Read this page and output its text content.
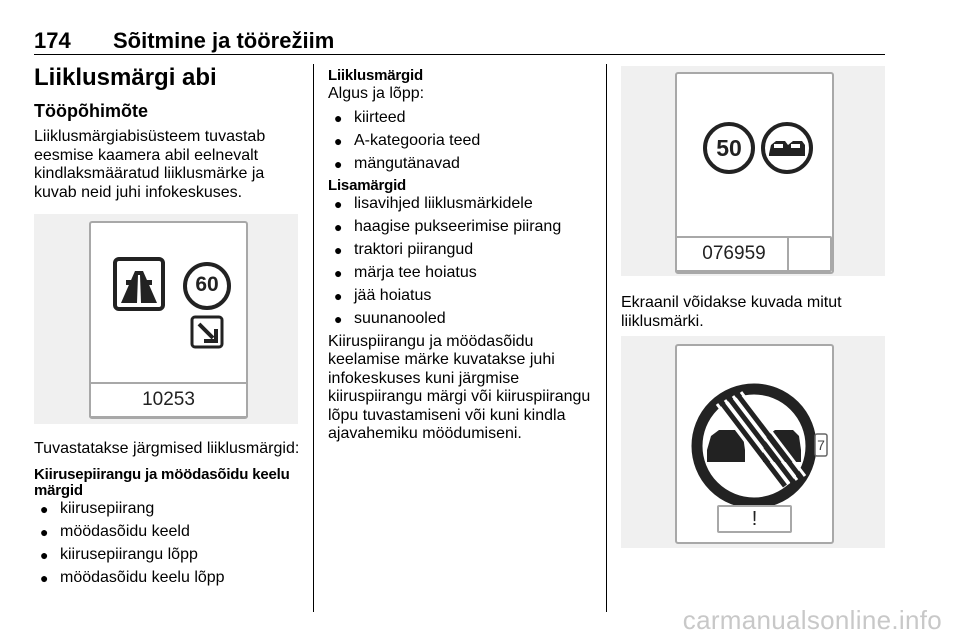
174 Sõitmine ja töörežiim
Liiklusmärgi abi
Tööpõhimõte

Liiklusmärgiabisüsteem tuvastab eesmise kaamera abil eelnevalt kindlaksmääratud liiklusmärke ja kuvab neid juhi infokeskuses.

60
10253

Tuvastatakse järgmised liiklusmärgid:

Kiirusepiirangu ja möödasõidu keelu märgid
● kiirusepiirang
● möödasõidu keeld
● kiirusepiirangu lõpp
● möödasõidu keelu lõpp
Liiklusmärgid

Algus ja lõpp:

● kiirteed
● A-kategooria teed
● mängutänavad
Lisamärgid
● lisavihjed liiklusmärkidele
● haagise pukseerimise piirang
● traktori piirangud
● märja tee hoiatus
● jää hoiatus
● suunanooled

Kiiruspiirangu ja möödasõidu keelamise märke kuvatakse juhi infokeskuses kuni järgmise kiiruspiirangu märgi või kiiruspiirangu lõpu tuvastamiseni või kuni kindla ajavahemiku möödumiseni.

50
076959

Ekraanil võidakse kuvada mitut liiklusmärki.

7
!
carmanualsonline.info
